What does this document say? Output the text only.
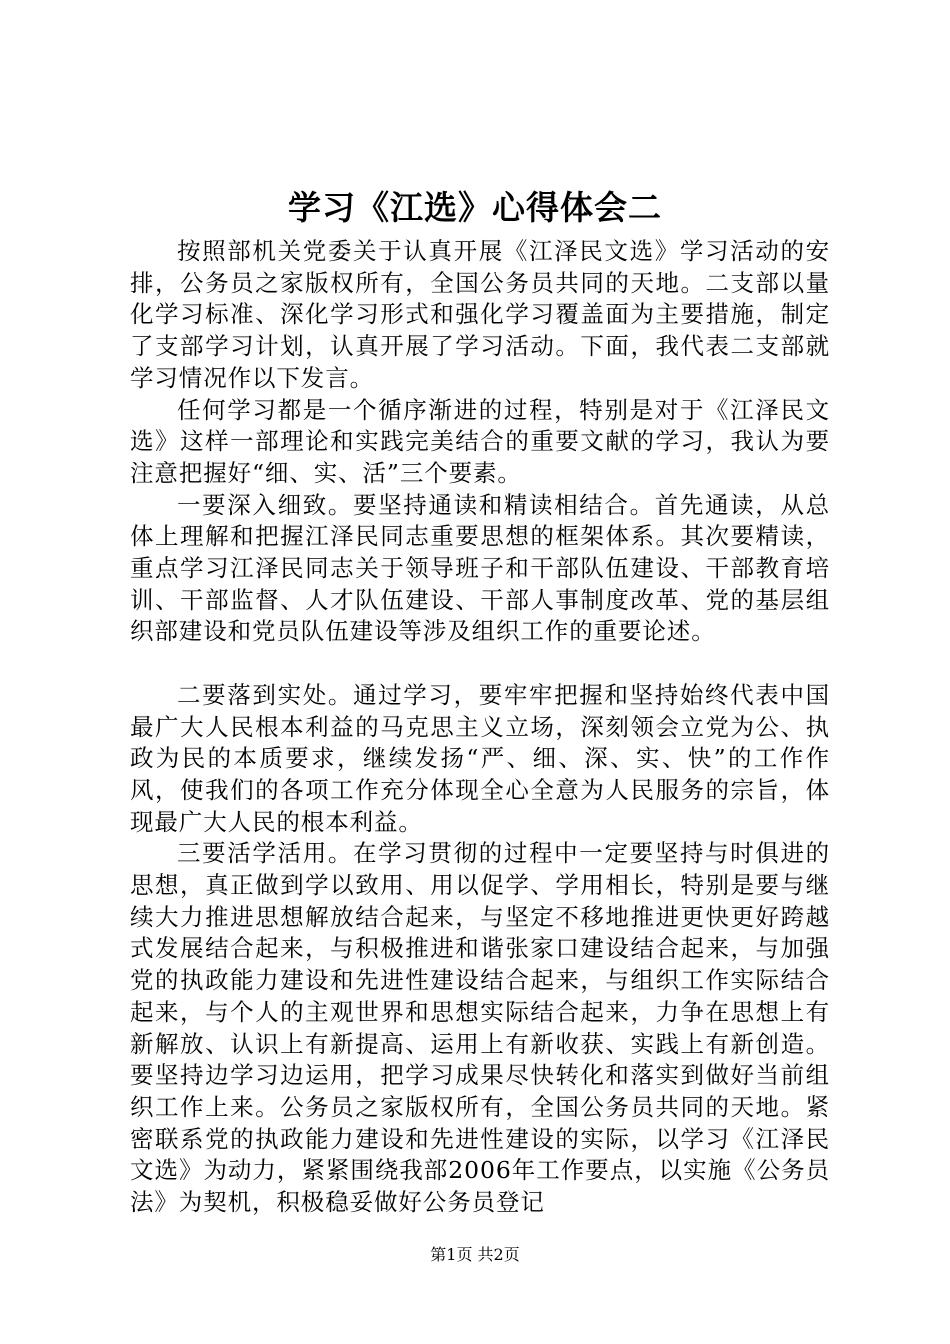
学习《江选》心得体会二

按照部机关党委关于认真开展《江泽民文选》学习活动的安排，公务员之家版权所有，全国公务员共同的天地。二支部以量化学习标准、深化学习形式和强化学习覆盖面为主要措施，制定了支部学习计划，认真开展了学习活动。下面，我代表二支部就学习情况作以下发言。

任何学习都是一个循序渐进的过程，特别是对于《江泽民文选》这样一部理论和实践完美结合的重要文献的学习，我认为要注意把握好“细、实、活”三个要素。

一要深入细致。要坚持通读和精读相结合。首先通读，从总体上理解和把握江泽民同志重要思想的框架体系。其次要精读，重点学习江泽民同志关于领导班子和干部队伍建设、干部教育培训、干部监督、人才队伍建设、干部人事制度改革、党的基层组织部建设和党员队伍建设等涉及组织工作的重要论述。

二要落到实处。通过学习，要牢牢把握和坚持始终代表中国最广大人民根本利益的马克思主义立场，深刻领会立党为公、执政为民的本质要求，继续发扬“严、细、深、实、快”的工作作风，使我们的各项工作充分体现全心全意为人民服务的宗旨，体现最广大人民的根本利益。

三要活学活用。在学习贯彻的过程中一定要坚持与时俱进的思想，真正做到学以致用、用以促学、学用相长，特别是要与继续大力推进思想解放结合起来，与坚定不移地推进更快更好跨越式发展结合起来，与积极推进和谐张家口建设结合起来，与加强党的执政能力建设和先进性建设结合起来，与组织工作实际结合起来，与个人的主观世界和思想实际结合起来，力争在思想上有新解放、认识上有新提高、运用上有新收获、实践上有新创造。要坚持边学习边运用，把学习成果尽快转化和落实到做好当前组织工作上来。公务员之家版权所有，全国公务员共同的天地。紧密联系党的执政能力建设和先进性建设的实际，以学习《江泽民文选》为动力，紧紧围绕我部2006年工作要点，以实施《公务员法》为契机，积极稳妥做好公务员登记

第1页 共2页
